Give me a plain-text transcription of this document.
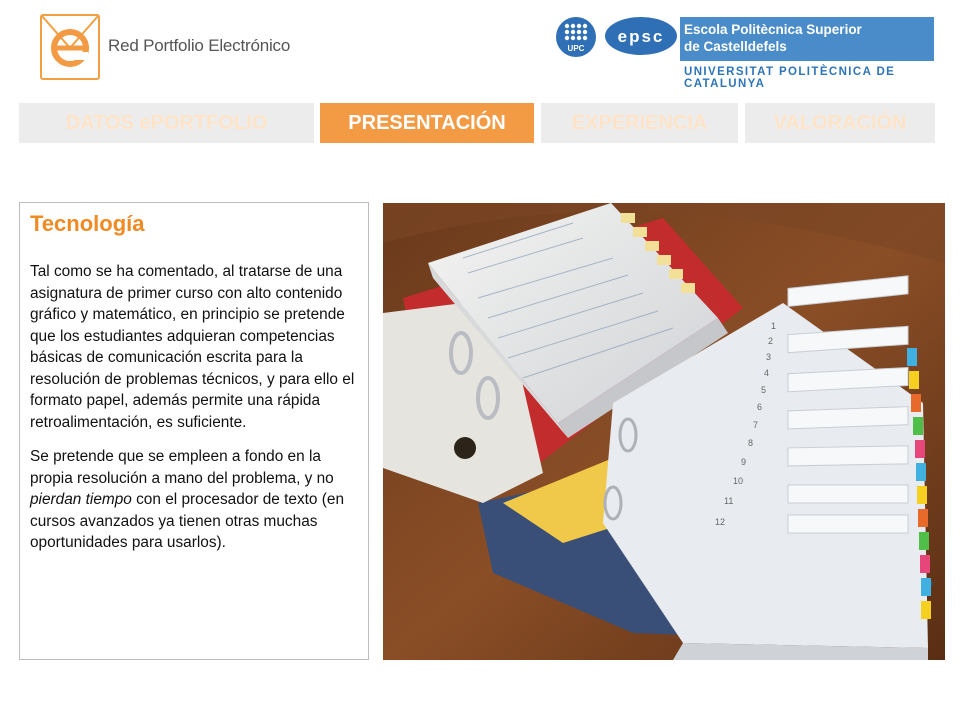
Red Portfolio Electrónico	UPC
epsc Escola Politècnica Superior
de Castelldefels
UNIVERSITAT POLITÈCNICA DE CATALUNYA
DATOS ePORTFOLIO	PRESENTACIÓN	EXPERIENCIA	VALORACIÓN
Tecnología

Tal como se ha comentado, al tratarse de una asignatura de primer curso con alto contenido gráfico y matemático, en principio se pretende que los estudiantes adquieran competencias básicas de comunicación escrita para la resolución de problemas técnicos, y para ello el formato papel, además permite una rápida retroalimentación, es suficiente.

Se pretende que se empleen a fondo en la propia resolución a mano del problema, y no pierdan tiempo con el procesador de texto (en cursos avanzados ya tienen otras muchas oportunidades para usarlos).

1
2
3
4
5
6
7
8
9
10
11
12
